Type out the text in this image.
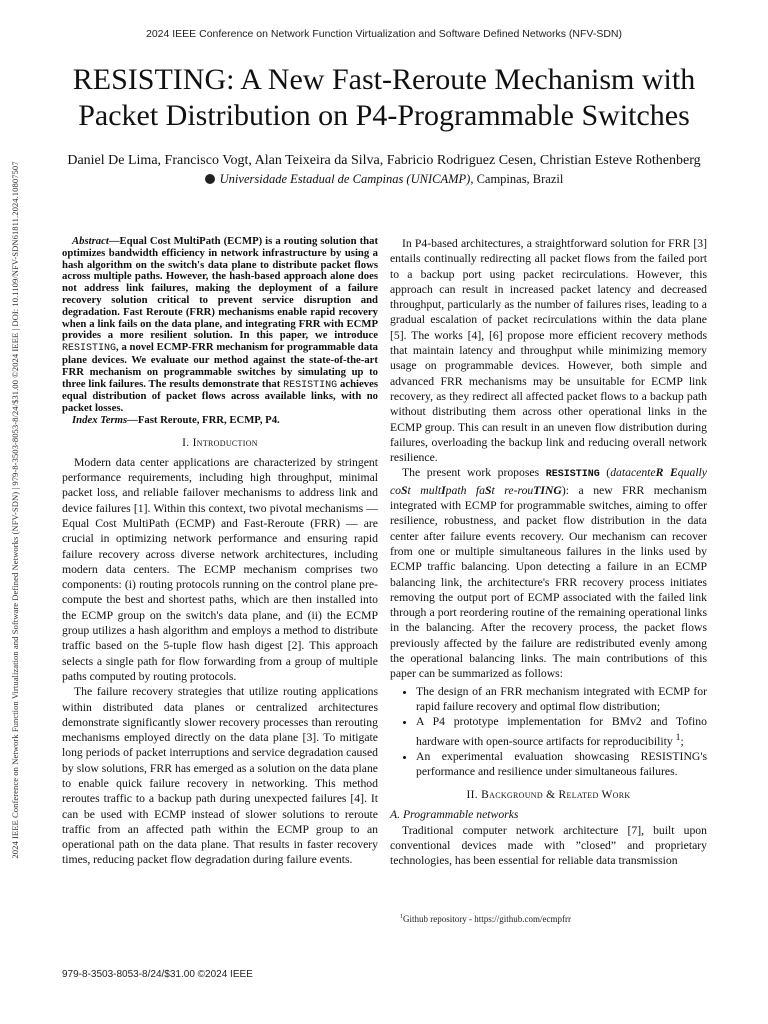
2024 IEEE Conference on Network Function Virtualization and Software Defined Networks (NFV-SDN)
2024 IEEE Conference on Network Function Virtualization and Software Defined Networks (NFV-SDN) | 979-8-3503-8053-8/24/$31.00 ©2024 IEEE | DOI: 10.1109/NFV-SDN61811.2024.10807507
RESISTING: A New Fast-Reroute Mechanism with
Packet Distribution on P4-Programmable Switches
Daniel De Lima, Francisco Vogt, Alan Teixeira da Silva, Fabricio Rodriguez Cesen, Christian Esteve Rothenberg
Universidade Estadual de Campinas (UNICAMP), Campinas, Brazil

Abstract—Equal Cost MultiPath (ECMP) is a routing solution that optimizes bandwidth efficiency in network infrastructure by using a hash algorithm on the switch's data plane to distribute packet flows across multiple paths. However, the hash-based approach alone does not address link failures, making the deployment of a failure recovery solution critical to prevent service disruption and degradation. Fast Reroute (FRR) mechanisms enable rapid recovery when a link fails on the data plane, and integrating FRR with ECMP provides a more resilient solution. In this paper, we introduce RESISTING, a novel ECMP-FRR mechanism for programmable data plane devices. We evaluate our method against the state-of-the-art FRR mechanism on programmable switches by simulating up to three link failures. The results demonstrate that RESISTING achieves equal distribution of packet flows across available links, with no packet losses.

Index Terms—Fast Reroute, FRR, ECMP, P4.

I. Introduction

Modern data center applications are characterized by stringent performance requirements, including high throughput, minimal packet loss, and reliable failover mechanisms to address link and device failures [1]. Within this context, two pivotal mechanisms — Equal Cost MultiPath (ECMP) and Fast-Reroute (FRR) — are crucial in optimizing network performance and ensuring rapid failure recovery across diverse network architectures, including modern data centers. The ECMP mechanism comprises two components: (i) routing protocols running on the control plane pre-compute the best and shortest paths, which are then installed into the ECMP group on the switch's data plane, and (ii) the ECMP group utilizes a hash algorithm and employs a method to distribute traffic based on the 5-tuple flow hash digest [2]. This approach selects a single path for flow forwarding from a group of multiple paths computed by routing protocols.

The failure recovery strategies that utilize routing applications within distributed data planes or centralized architectures demonstrate significantly slower recovery processes than rerouting mechanisms employed directly on the data plane [3]. To mitigate long periods of packet interruptions and service degradation caused by slow solutions, FRR has emerged as a solution on the data plane to enable quick failure recovery in networking. This method reroutes traffic to a backup path during unexpected failures [4]. It can be used with ECMP instead of slower solutions to reroute traffic from an affected path within the ECMP group to an operational path on the data plane. That results in faster recovery times, reducing packet flow degradation during failure events.

In P4-based architectures, a straightforward solution for FRR [3] entails continually redirecting all packet flows from the failed port to a backup port using packet recirculations. However, this approach can result in increased packet latency and decreased throughput, particularly as the number of failures rises, leading to a gradual escalation of packet recirculations within the data plane [5]. The works [4], [6] propose more efficient recovery methods that maintain latency and throughput while minimizing memory usage on programmable devices. However, both simple and advanced FRR mechanisms may be unsuitable for ECMP link recovery, as they redirect all affected packet flows to a backup path without distributing them across other operational links in the ECMP group. This can result in an uneven flow distribution during failures, overloading the backup link and reducing overall network resilience.

The present work proposes RESISTING (datacenteR Equally coSt multIpath faSt re-rouTING): a new FRR mechanism integrated with ECMP for programmable switches, aiming to offer resilience, robustness, and packet flow distribution in the data center after failure events recovery. Our mechanism can recover from one or multiple simultaneous failures in the links used by ECMP traffic balancing. Upon detecting a failure in an ECMP balancing link, the architecture's FRR recovery process initiates removing the output port of ECMP associated with the failed link through a port reordering routine of the remaining operational links in the balancing. After the recovery process, the packet flows previously affected by the failure are redistributed evenly among the operational balancing links. The main contributions of this paper can be summarized as follows:

• The design of an FRR mechanism integrated with ECMP for rapid failure recovery and optimal flow distribution;
• A P4 prototype implementation for BMv2 and Tofino hardware with open-source artifacts for reproducibility $^1$;
• An experimental evaluation showcasing RESISTING's performance and resilience under simultaneous failures.
II. Background & Related Work
A. Programmable networks

Traditional computer network architecture [7], built upon conventional devices made with ”closed” and proprietary technologies, has been essential for reliable data transmission

$^1$Github repository - https://github.com/ecmpfrr
979-8-3503-8053-8/24/$31.00 ©2024 IEEE
